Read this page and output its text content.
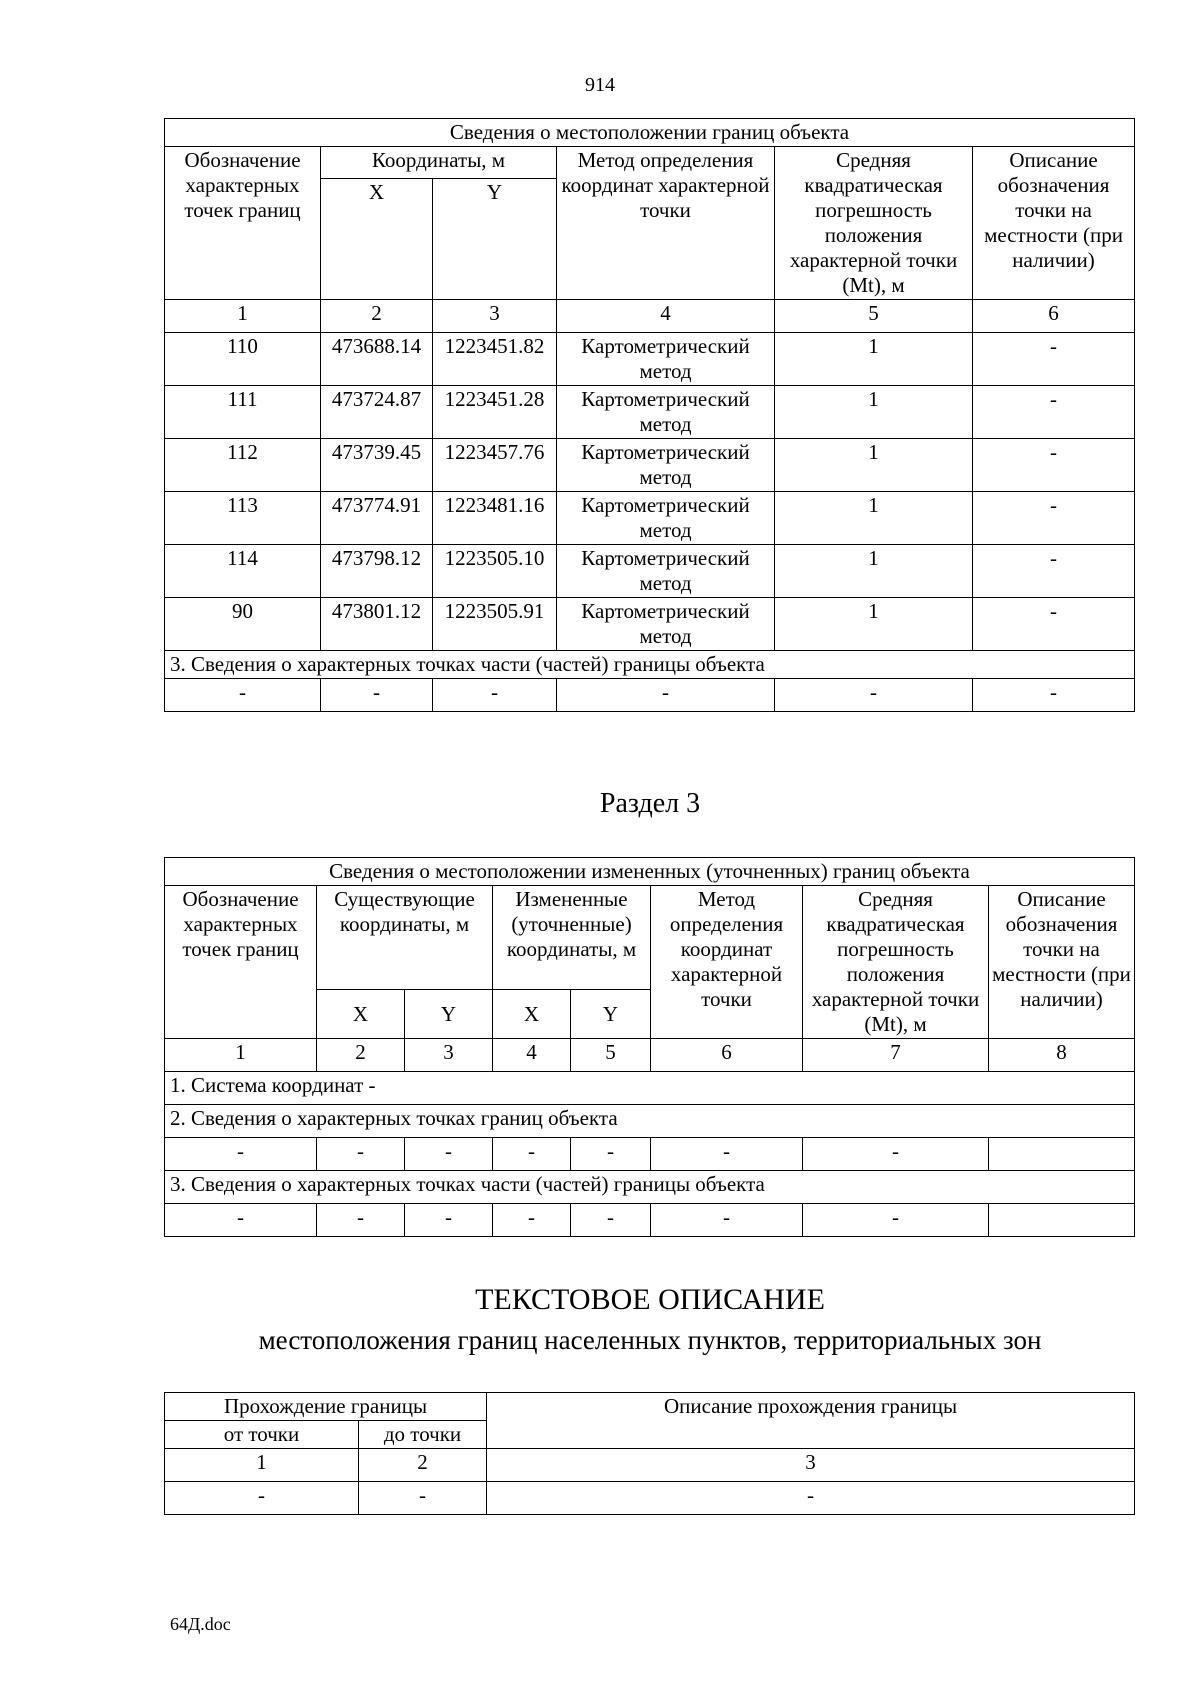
914
Сведения о местоположении границ объекта					
Обозначение характерных точек границ	Координаты, м		Метод определения координат характерной точки	Средняя квадратическая погрешность положения характерной точки (Mt), м	Описание обозначения точки на местности (при наличии)
	X	Y			
1	2	3	4	5	6
110	473688.14	1223451.82	Картометрический метод	1	-
111	473724.87	1223451.28	Картометрический метод	1	-
112	473739.45	1223457.76	Картометрический метод	1	-
113	473774.91	1223481.16	Картометрический метод	1	-
114	473798.12	1223505.10	Картометрический метод	1	-
90	473801.12	1223505.91	Картометрический метод	1	-
3. Сведения о характерных точках части (частей) границы объекта					
-	-	-	-	-	-
Раздел 3
Сведения о местоположении измененных (уточненных) границ объекта							
Обозначение характерных точек границ	Существующие координаты, м		Измененные (уточненные) координаты, м		Метод определения координат характерной точки	Средняя квадратическая погрешность положения характерной точки (Mt), м	Описание обозначения точки на местности (при наличии)
	X	Y	X	Y			
1	2	3	4	5	6	7	8
1. Система координат -							
2. Сведения о характерных точках границ объекта							
-	-	-	-	-	-	-	
3. Сведения о характерных точках части (частей) границы объекта							
-	-	-	-	-	-	-	
ТЕКСТОВОЕ ОПИСАНИЕ
местоположения границ населенных пунктов, территориальных зон
Прохождение границы		Описание прохождения границы
от точки	до точки	
1	2	3
-	-	-
64Д.doc
